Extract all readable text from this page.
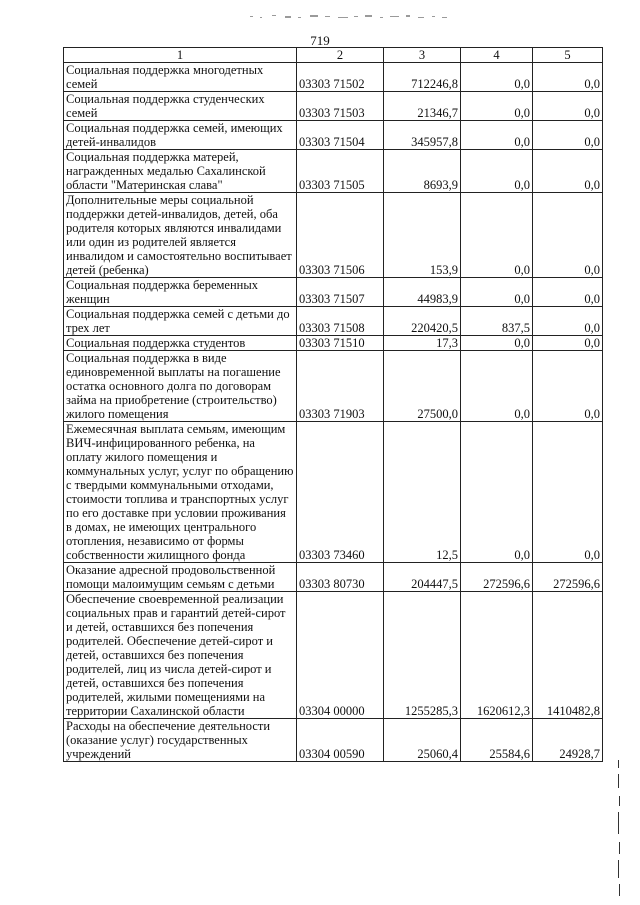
719
1	2	3	4	5
Социальная поддержка многодетных семей	03303 71502	712246,8	0,0	0,0
Социальная поддержка студенческих семей	03303 71503	21346,7	0,0	0,0
Социальная поддержка семей, имеющих детей-инвалидов	03303 71504	345957,8	0,0	0,0
Социальная поддержка матерей, награжденных медалью Сахалинской области "Материнская слава"	03303 71505	8693,9	0,0	0,0
Дополнительные меры социальной поддержки детей-инвалидов, детей, оба родителя которых являются инвалидами или один из родителей является инвалидом и самостоятельно воспитывает детей (ребенка)	03303 71506	153,9	0,0	0,0
Социальная поддержка беременных женщин	03303 71507	44983,9	0,0	0,0
Социальная поддержка семей с детьми до трех лет	03303 71508	220420,5	837,5	0,0
Социальная поддержка студентов	03303 71510	17,3	0,0	0,0
Социальная поддержка в виде единовременной выплаты на погашение остатка основного долга по договорам займа на приобретение (строительство) жилого помещения	03303 71903	27500,0	0,0	0,0
Ежемесячная выплата семьям, имеющим ВИЧ-инфицированного ребенка, на оплату жилого помещения и коммунальных услуг, услуг по обращению с твердыми коммунальными отходами, стоимости топлива и транспортных услуг по его доставке при условии проживания в домах, не имеющих центрального отопления, независимо от формы собственности жилищного фонда	03303 73460	12,5	0,0	0,0
Оказание адресной продовольственной помощи малоимущим семьям с детьми	03303 80730	204447,5	272596,6	272596,6
Обеспечение своевременной реализации социальных прав и гарантий детей-сирот и детей, оставшихся без попечения родителей. Обеспечение детей-сирот и детей, оставшихся без попечения родителей, лиц из числа детей-сирот и детей, оставшихся без попечения родителей, жилыми помещениями на территории Сахалинской области	03304 00000	1255285,3	1620612,3	1410482,8
Расходы на обеспечение деятельности (оказание услуг) государственных учреждений	03304 00590	25060,4	25584,6	24928,7
